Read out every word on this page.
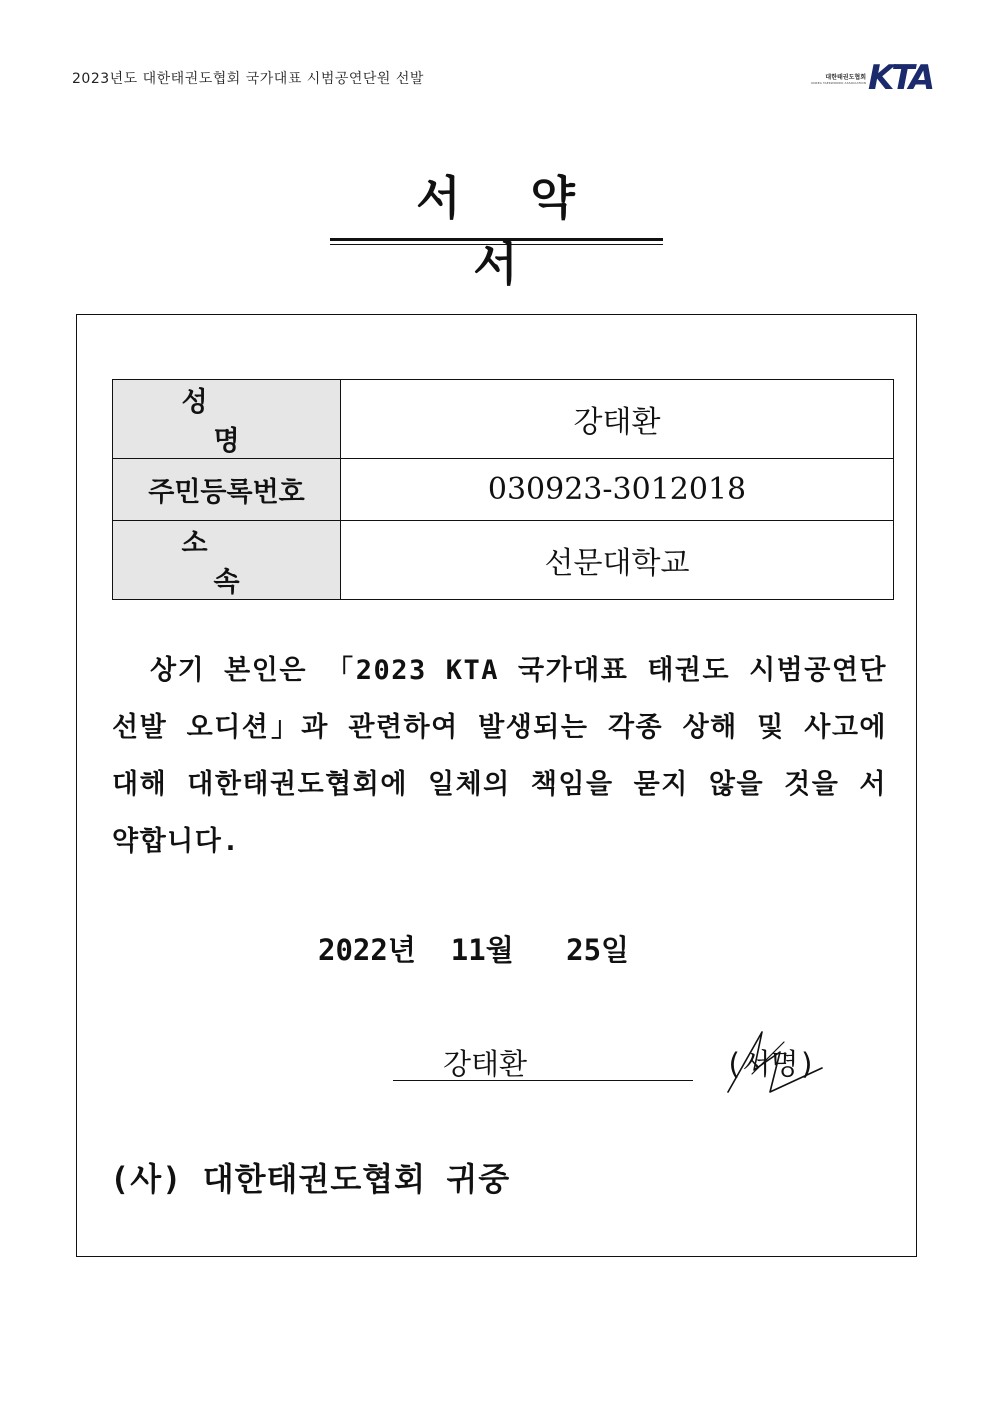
2023년도 대한태권도협회 국가대표 시범공연단원 선발	대한태권도협회
KOREA TAEKWONDO ASSOCIATION KTA
서 약서
성 명	강태환
주민등록번호	030923-3012018
소 속	선문대학교

상기 본인은 「2023 KTA 국가대표 태권도 시범공연단 선발 오디션」과 관련하여 발생되는 각종 상해 및 사고에 대해 대한태권도협회에 일체의 책임을 묻지 않을 것을 서약합니다.

2022년 11월 25일
강태환	(서명)
(사) 대한태권도협회 귀중
